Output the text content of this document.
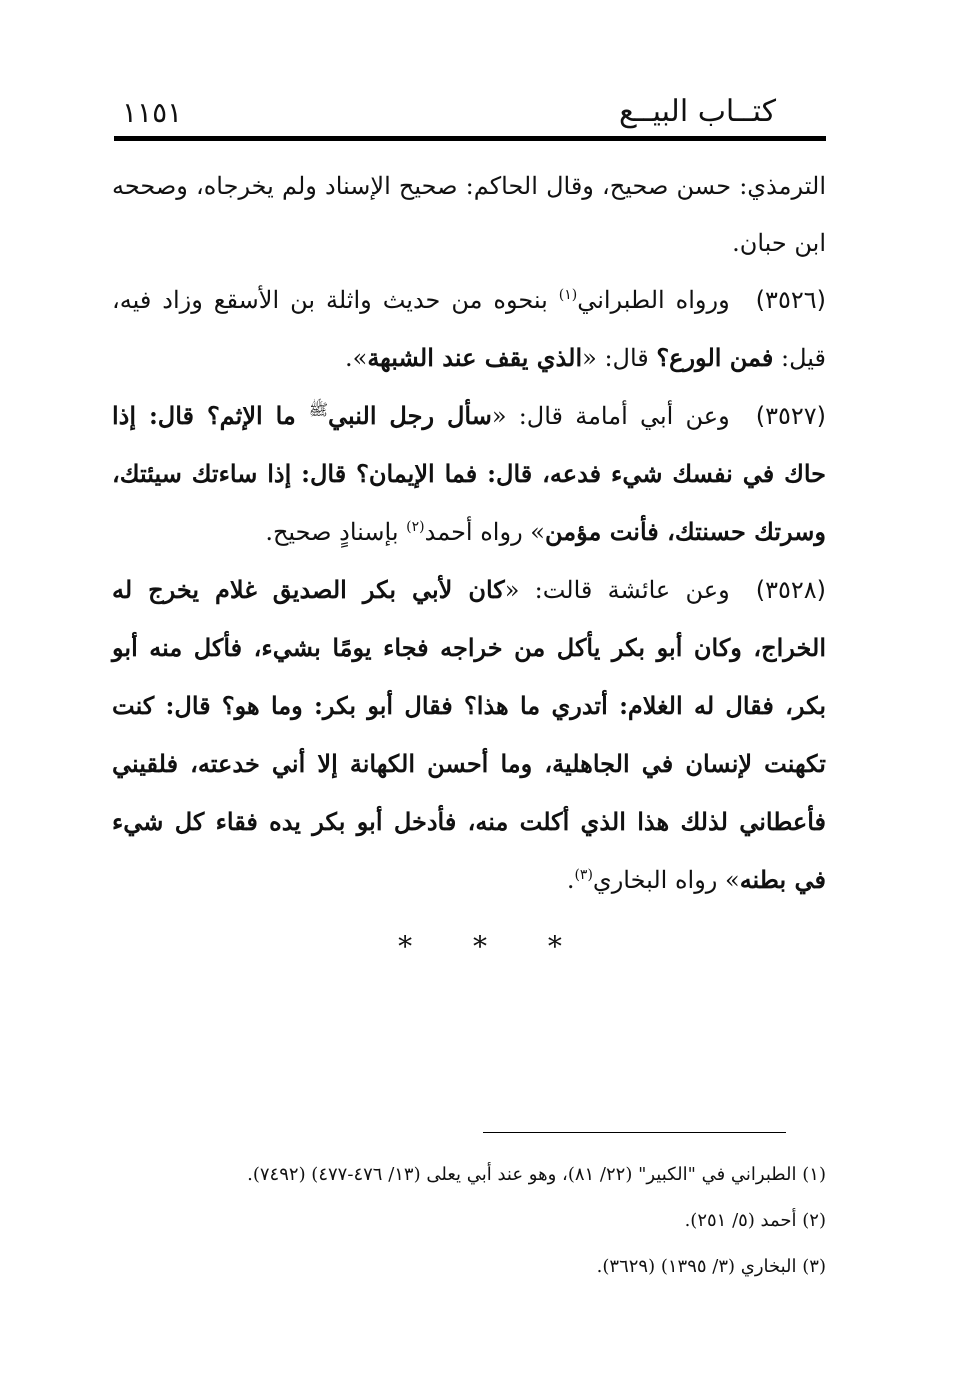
كتــاب البيــع
١١٥١

الترمذي: حسن صحيح، وقال الحاكم: صحيح الإسناد ولم يخرجاه، وصححه ابن حبان.

(٣٥٢٦)ورواه الطبراني$^{(١)}$ بنحوه من حديث واثلة بن الأسقع وزاد فيه، قيل: فمن الورع؟ قال: «الذي يقف عند الشبهة».

(٣٥٢٧)وعن أبي أمامة قال: «سأل رجل النبي$^ﷺ$ ما الإثم؟ قال: إذا حاك في نفسك شيء فدعه، قال: فما الإيمان؟ قال: إذا ساءتك سيئتك، وسرتك حسنتك، فأنت مؤمن» رواه أحمد$^{(٢)}$ بإسنادٍ صحيح.

(٣٥٢٨)وعن عائشة قالت: «كان لأبي بكر الصديق غلام يخرج له الخراج، وكان أبو بكر يأكل من خراجه فجاء يومًا بشيء، فأكل منه أبو بكر، فقال له الغلام: أتدري ما هذا؟ فقال أبو بكر: وما هو؟ قال: كنت تكهنت لإنسان في الجاهلية، وما أحسن الكهانة إلا أني خدعته، فلقيني فأعطاني لذلك هذا الذي أكلت منه، فأدخل أبو بكر يده فقاء كل شيء في بطنه» رواه البخاري$^{(٣)}$.

* * *
(١) الطبراني في "الكبير" (٢٢/ ٨١)، وهو عند أبي يعلى (١٣/ ٤٧٦-٤٧٧) (٧٤٩٢).
(٢) أحمد (٥/ ٢٥١).
(٣) البخاري (٣/ ١٣٩٥) (٣٦٢٩).
